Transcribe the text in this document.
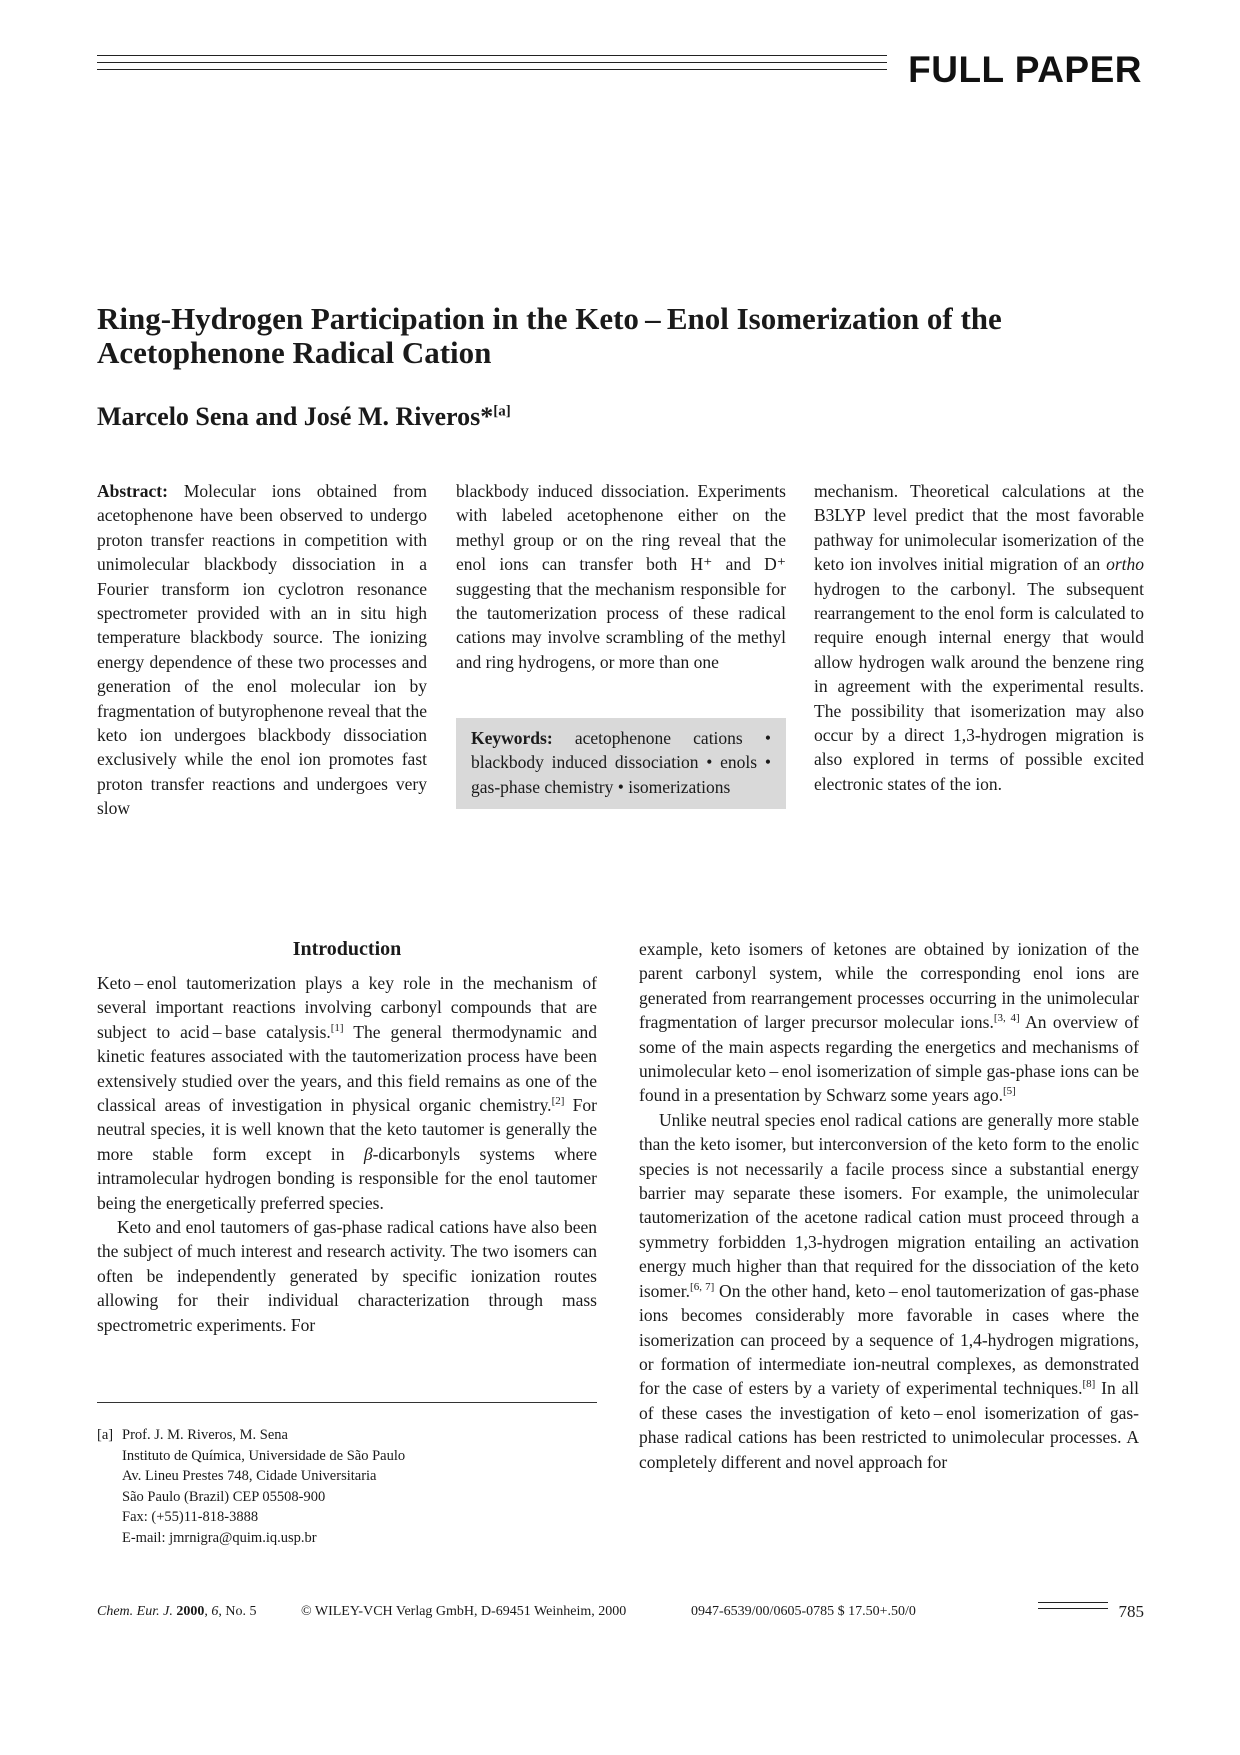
FULL PAPER
Ring-Hydrogen Participation in the Keto – Enol Isomerization of the Acetophenone Radical Cation
Marcelo Sena and José M. Riveros*[a]
Abstract: Molecular ions obtained from acetophenone have been observed to undergo proton transfer reactions in competition with unimolecular blackbody dissociation in a Fourier transform ion cyclotron resonance spectrometer provided with an in situ high temperature blackbody source. The ionizing energy dependence of these two processes and generation of the enol molecular ion by fragmentation of butyrophenone reveal that the keto ion undergoes blackbody dissociation exclusively while the enol ion promotes fast proton transfer reactions and undergoes very slow
blackbody induced dissociation. Experiments with labeled acetophenone either on the methyl group or on the ring reveal that the enol ions can transfer both H⁺ and D⁺ suggesting that the mechanism responsible for the tautomerization process of these radical cations may involve scrambling of the methyl and ring hydrogens, or more than one
Keywords: acetophenone cations • blackbody induced dissociation • enols • gas-phase chemistry • isomerizations
mechanism. Theoretical calculations at the B3LYP level predict that the most favorable pathway for unimolecular isomerization of the keto ion involves initial migration of an ortho hydrogen to the carbonyl. The subsequent rearrangement to the enol form is calculated to require enough internal energy that would allow hydrogen walk around the benzene ring in agreement with the experimental results. The possibility that isomerization may also occur by a direct 1,3-hydrogen migration is also explored in terms of possible excited electronic states of the ion.
Introduction

Keto – enol tautomerization plays a key role in the mechanism of several important reactions involving carbonyl compounds that are subject to acid – base catalysis.[1] The general thermodynamic and kinetic features associated with the tautomerization process have been extensively studied over the years, and this field remains as one of the classical areas of investigation in physical organic chemistry.[2] For neutral species, it is well known that the keto tautomer is generally the more stable form except in β-dicarbonyls systems where intramolecular hydrogen bonding is responsible for the enol tautomer being the energetically preferred species.

Keto and enol tautomers of gas-phase radical cations have also been the subject of much interest and research activity. The two isomers can often be independently generated by specific ionization routes allowing for their individual characterization through mass spectrometric experiments. For

[a] Prof. J. M. Riveros, M. Sena
Instituto de Química, Universidade de São Paulo
Av. Lineu Prestes 748, Cidade Universitaria
São Paulo (Brazil) CEP 05508-900
Fax: (+55)11-818-3888
E-mail: jmrnigra@quim.iq.usp.br

example, keto isomers of ketones are obtained by ionization of the parent carbonyl system, while the corresponding enol ions are generated from rearrangement processes occurring in the unimolecular fragmentation of larger precursor molecular ions.[3, 4] An overview of some of the main aspects regarding the energetics and mechanisms of unimolecular keto – enol isomerization of simple gas-phase ions can be found in a presentation by Schwarz some years ago.[5]

Unlike neutral species enol radical cations are generally more stable than the keto isomer, but interconversion of the keto form to the enolic species is not necessarily a facile process since a substantial energy barrier may separate these isomers. For example, the unimolecular tautomerization of the acetone radical cation must proceed through a symmetry forbidden 1,3-hydrogen migration entailing an activation energy much higher than that required for the dissociation of the keto isomer.[6, 7] On the other hand, keto – enol tautomerization of gas-phase ions becomes considerably more favorable in cases where the isomerization can proceed by a sequence of 1,4-hydrogen migrations, or formation of intermediate ion-neutral complexes, as demonstrated for the case of esters by a variety of experimental techniques.[8] In all of these cases the investigation of keto – enol isomerization of gas-phase radical cations has been restricted to unimolecular processes. A completely different and novel approach for

Chem. Eur. J. 2000, 6 , No. 5	© WILEY-VCH Verlag GmbH, D-69451 Weinheim, 2000	0947-6539/00/0605-0785 $ 17.50+.50/0	785
